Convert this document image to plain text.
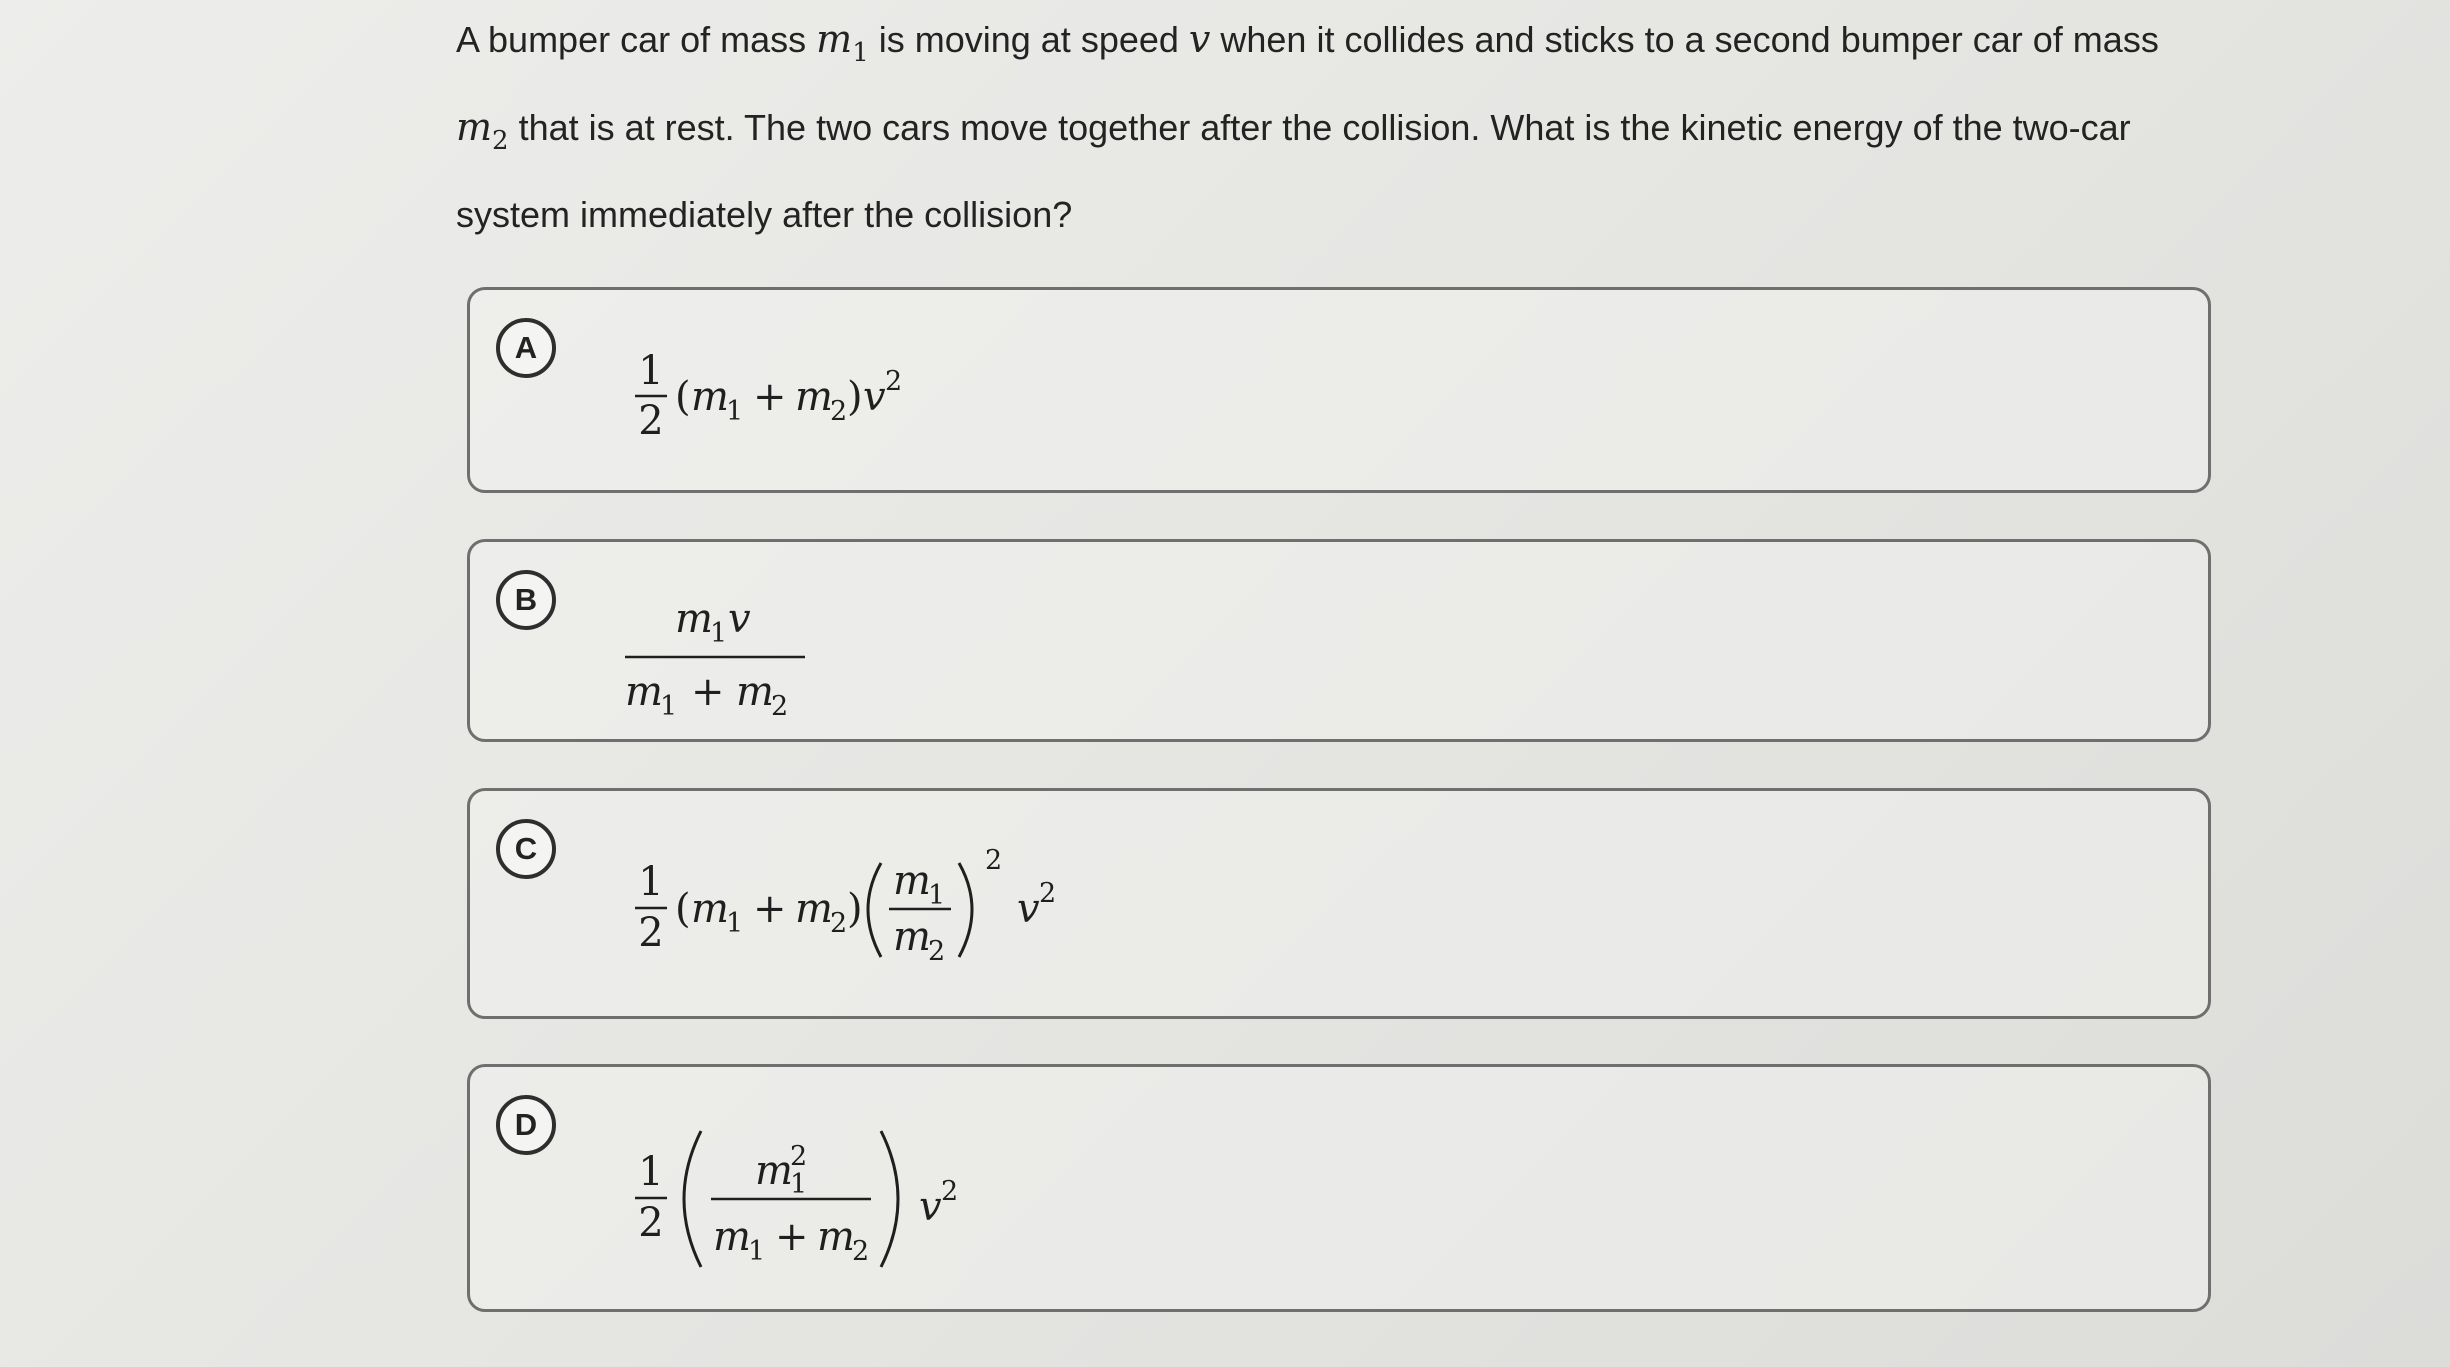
A bumper car of mass $m_1$ is moving at speed v when it collides and sticks to a second bumper car of mass $m_2$ that is at rest. The two cars move together after the collision. What is the kinetic energy of the two-car system immediately after the collision?
A
1
2
( m
1 + m
2 ) v 2
B	m
1 v
m
1 + m
2
C
1
2
( m
1 + m
2 )
m
1
m
2
2
v 2
D
1
2
m
2
1
m
1 + m
2
v 2
